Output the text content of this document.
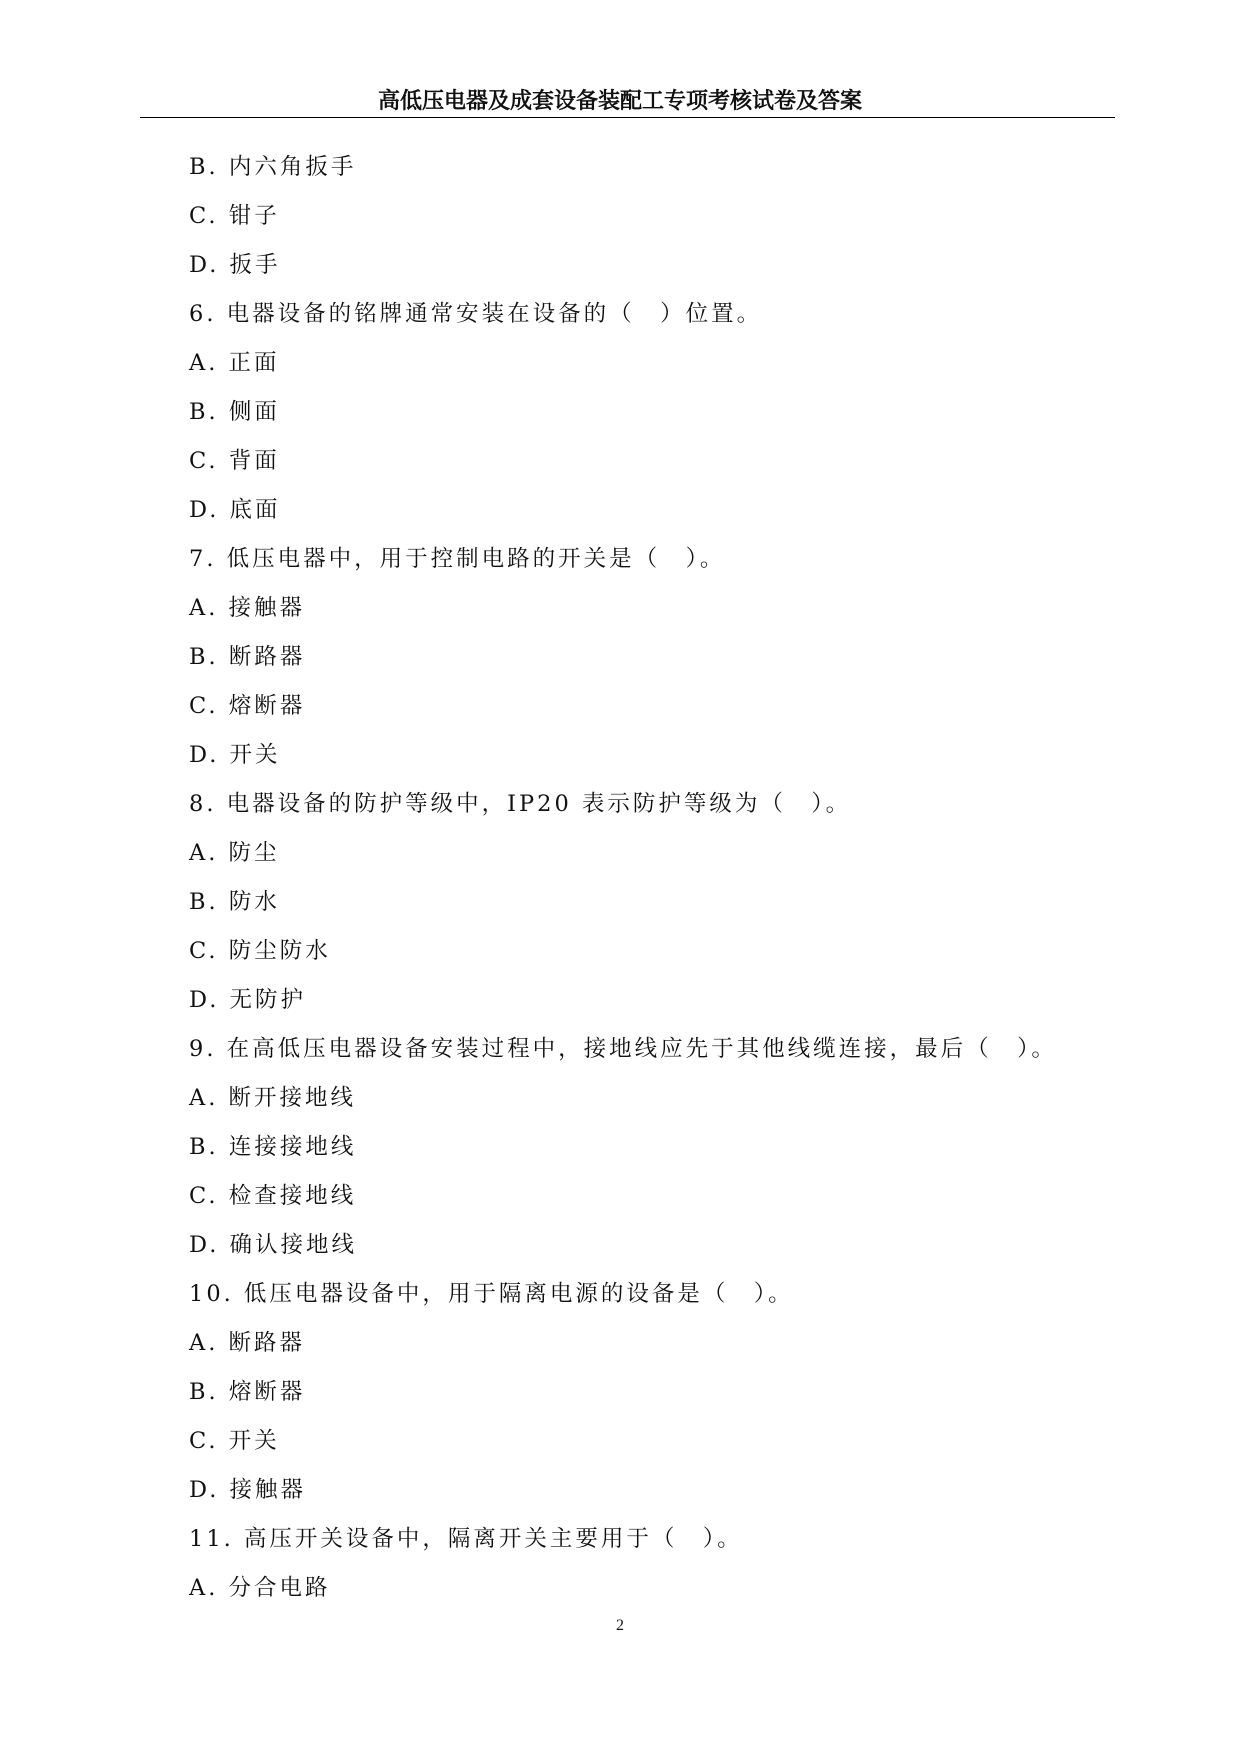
高低压电器及成套设备装配工专项考核试卷及答案
B. 内六角扳手
C. 钳子
D. 扳手
6. 电器设备的铭牌通常安装在设备的（　）位置。
A. 正面
B. 侧面
C. 背面
D. 底面
7. 低压电器中，用于控制电路的开关是（　）。
A. 接触器
B. 断路器
C. 熔断器
D. 开关
8. 电器设备的防护等级中，IP20 表示防护等级为（　）。
A. 防尘
B. 防水
C. 防尘防水
D. 无防护
9. 在高低压电器设备安装过程中，接地线应先于其他线缆连接，最后（　）。
A. 断开接地线
B. 连接接地线
C. 检查接地线
D. 确认接地线
10. 低压电器设备中，用于隔离电源的设备是（　）。
A. 断路器
B. 熔断器
C. 开关
D. 接触器
11. 高压开关设备中，隔离开关主要用于（　）。
A. 分合电路
2
